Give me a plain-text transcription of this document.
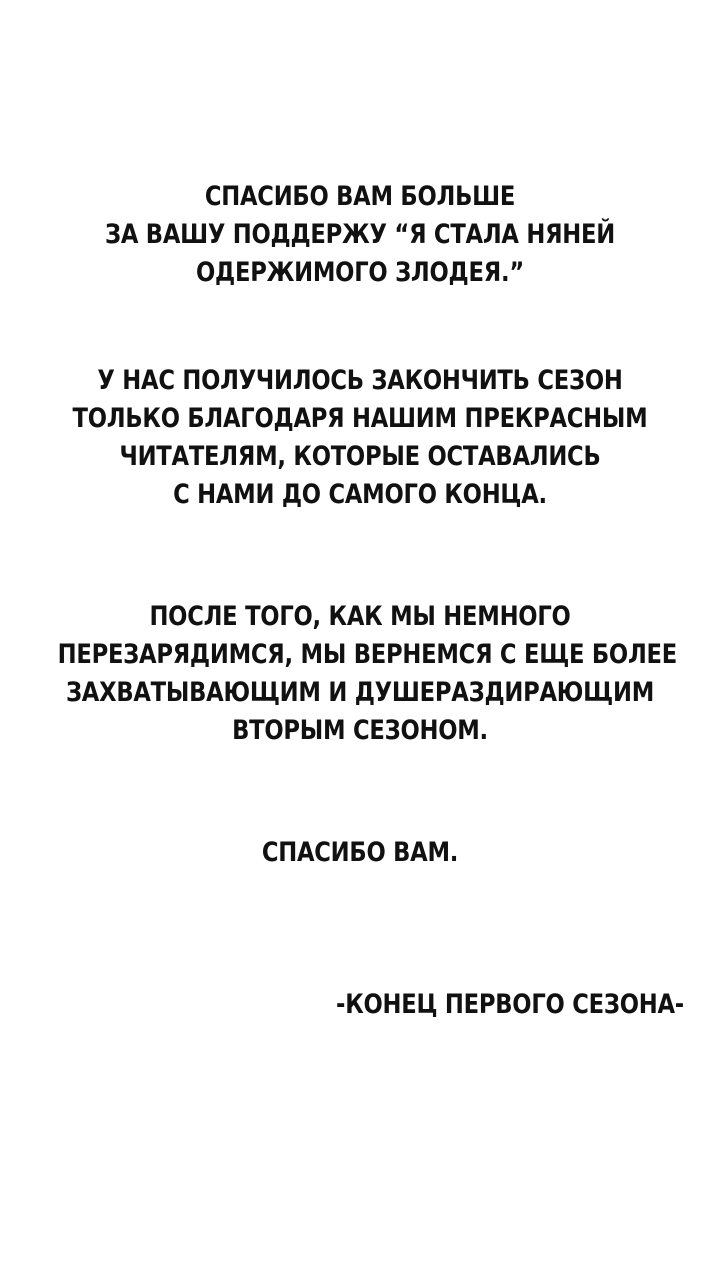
СПАСИБО ВАМ БОЛЬШЕ
ЗА ВАШУ ПОДДЕРЖУ “Я СТАЛА НЯНЕЙ
ОДЕРЖИМОГО ЗЛОДЕЯ.”
У НАС ПОЛУЧИЛОСЬ ЗАКОНЧИТЬ СЕЗОН
ТОЛЬКО БЛАГОДАРЯ НАШИМ ПРЕКРАСНЫМ
ЧИТАТЕЛЯМ, КОТОРЫЕ ОСТАВАЛИСЬ
С НАМИ ДО САМОГО КОНЦА.
ПОСЛЕ ТОГО, КАК МЫ НЕМНОГО
ПЕРЕЗАРЯДИМСЯ, МЫ ВЕРНЕМСЯ С ЕЩЕ БОЛЕЕ
ЗАХВАТЫВАЮЩИМ И ДУШЕРАЗДИРАЮЩИМ
ВТОРЫМ СЕЗОНОМ.
СПАСИБО ВАМ.
-КОНЕЦ ПЕРВОГО СЕЗОНА-
